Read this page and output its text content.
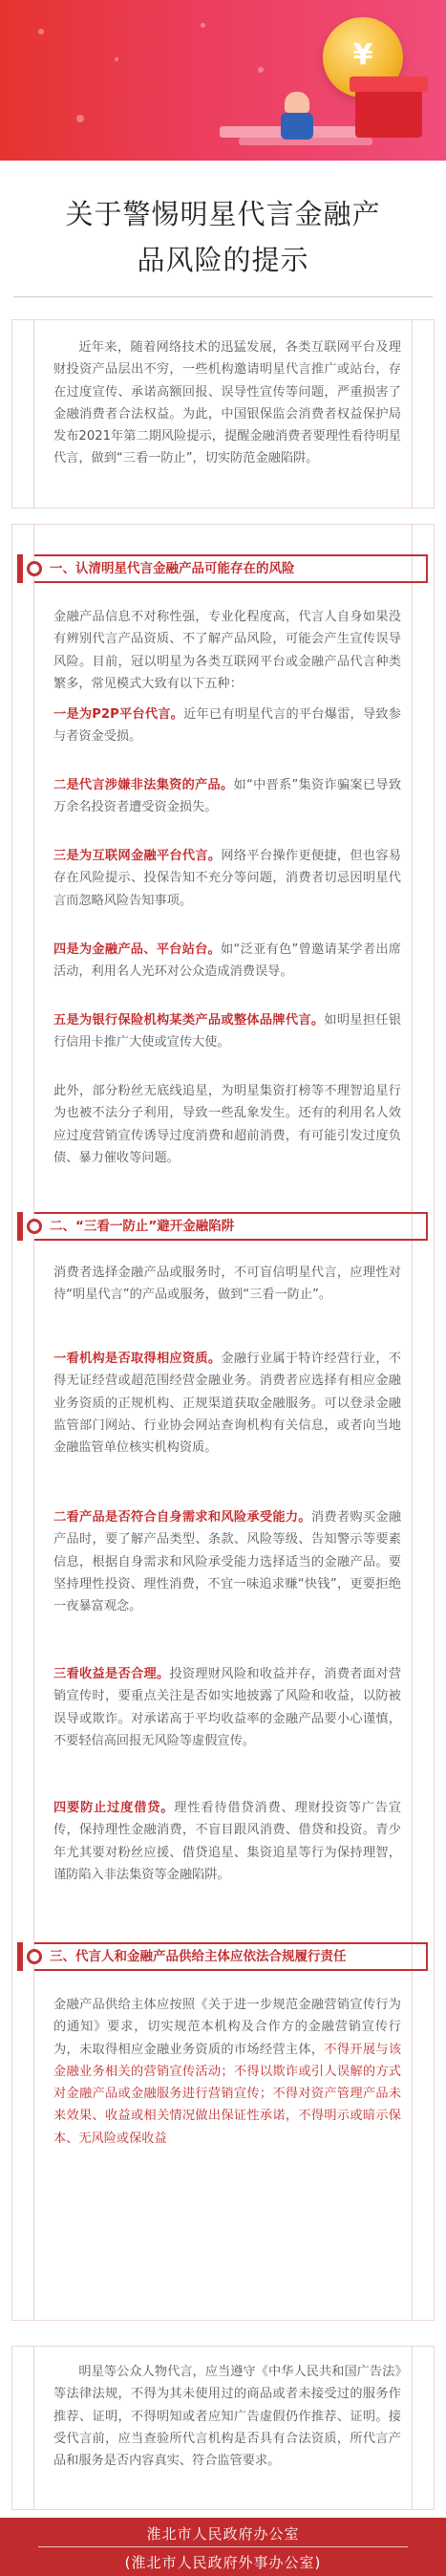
¥
关于警惕明星代言金融产
品风险的提示
近年来，随着网络技术的迅猛发展，各类互联网平台及理财投资产品层出不穷，一些机构邀请明星代言推广或站台，存在过度宣传、承诺高额回报、误导性宣传等问题，严重损害了金融消费者合法权益。为此，中国银保监会消费者权益保护局发布2021年第二期风险提示，提醒金融消费者要理性看待明星代言，做到“三看一防止”，切实防范金融陷阱。
一、认清明星代言金融产品可能存在的风险
金融产品信息不对称性强，专业化程度高，代言人自身如果没有辨别代言产品资质、不了解产品风险，可能会产生宣传误导风险。目前，冠以明星为各类互联网平台或金融产品代言种类繁多，常见模式大致有以下五种：
一是为P2P平台代言。近年已有明星代言的平台爆雷，导致参与者资金受损。
二是代言涉嫌非法集资的产品。如“中晋系”集资诈骗案已导致万余名投资者遭受资金损失。
三是为互联网金融平台代言。网络平台操作更便捷，但也容易存在风险提示、投保告知不充分等问题，消费者切忌因明星代言而忽略风险告知事项。
四是为金融产品、平台站台。如“泛亚有色”曾邀请某学者出席活动，利用名人光环对公众造成消费误导。
五是为银行保险机构某类产品或整体品牌代言。如明星担任银行信用卡推广大使或宣传大使。
此外，部分粉丝无底线追星，为明星集资打榜等不理智追星行为也被不法分子利用，导致一些乱象发生。还有的利用名人效应过度营销宣传诱导过度消费和超前消费，有可能引发过度负债、暴力催收等问题。
二、“三看一防止”避开金融陷阱
消费者选择金融产品或服务时，不可盲信明星代言，应理性对待“明星代言”的产品或服务，做到“三看一防止”。
一看机构是否取得相应资质。金融行业属于特许经营行业，不得无证经营或超范围经营金融业务。消费者应选择有相应金融业务资质的正规机构、正规渠道获取金融服务。可以登录金融监管部门网站、行业协会网站查询机构有关信息，或者向当地金融监管单位核实机构资质。
二看产品是否符合自身需求和风险承受能力。消费者购买金融产品时，要了解产品类型、条款、风险等级、告知警示等要素信息，根据自身需求和风险承受能力选择适当的金融产品。要坚持理性投资、理性消费，不宜一味追求赚“快钱”，更要拒绝一夜暴富观念。
三看收益是否合理。投资理财风险和收益并存，消费者面对营销宣传时，要重点关注是否如实地披露了风险和收益，以防被误导或欺诈。对承诺高于平均收益率的金融产品要小心谨慎，不要轻信高回报无风险等虚假宣传。
四要防止过度借贷。理性看待借贷消费、理财投资等广告宣传，保持理性金融消费，不盲目跟风消费、借贷和投资。青少年尤其要对粉丝应援、借贷追星、集资追星等行为保持理智，谨防陷入非法集资等金融陷阱。
三、代言人和金融产品供给主体应依法合规履行责任
金融产品供给主体应按照《关于进一步规范金融营销宣传行为的通知》要求，切实规范本机构及合作方的金融营销宣传行为，未取得相应金融业务资质的市场经营主体，不得开展与该金融业务相关的营销宣传活动；不得以欺诈或引人误解的方式对金融产品或金融服务进行营销宣传；不得对资产管理产品未来效果、收益或相关情况做出保证性承诺，不得明示或暗示保本、无风险或保收益
明星等公众人物代言，应当遵守《中华人民共和国广告法》等法律法规，不得为其未使用过的商品或者未接受过的服务作推荐、证明，不得明知或者应知广告虚假仍作推荐、证明。接受代言前，应当查验所代言机构是否具有合法资质，所代言产品和服务是否内容真实、符合监管要求。
淮北市人民政府办公室
(淮北市人民政府外事办公室)
